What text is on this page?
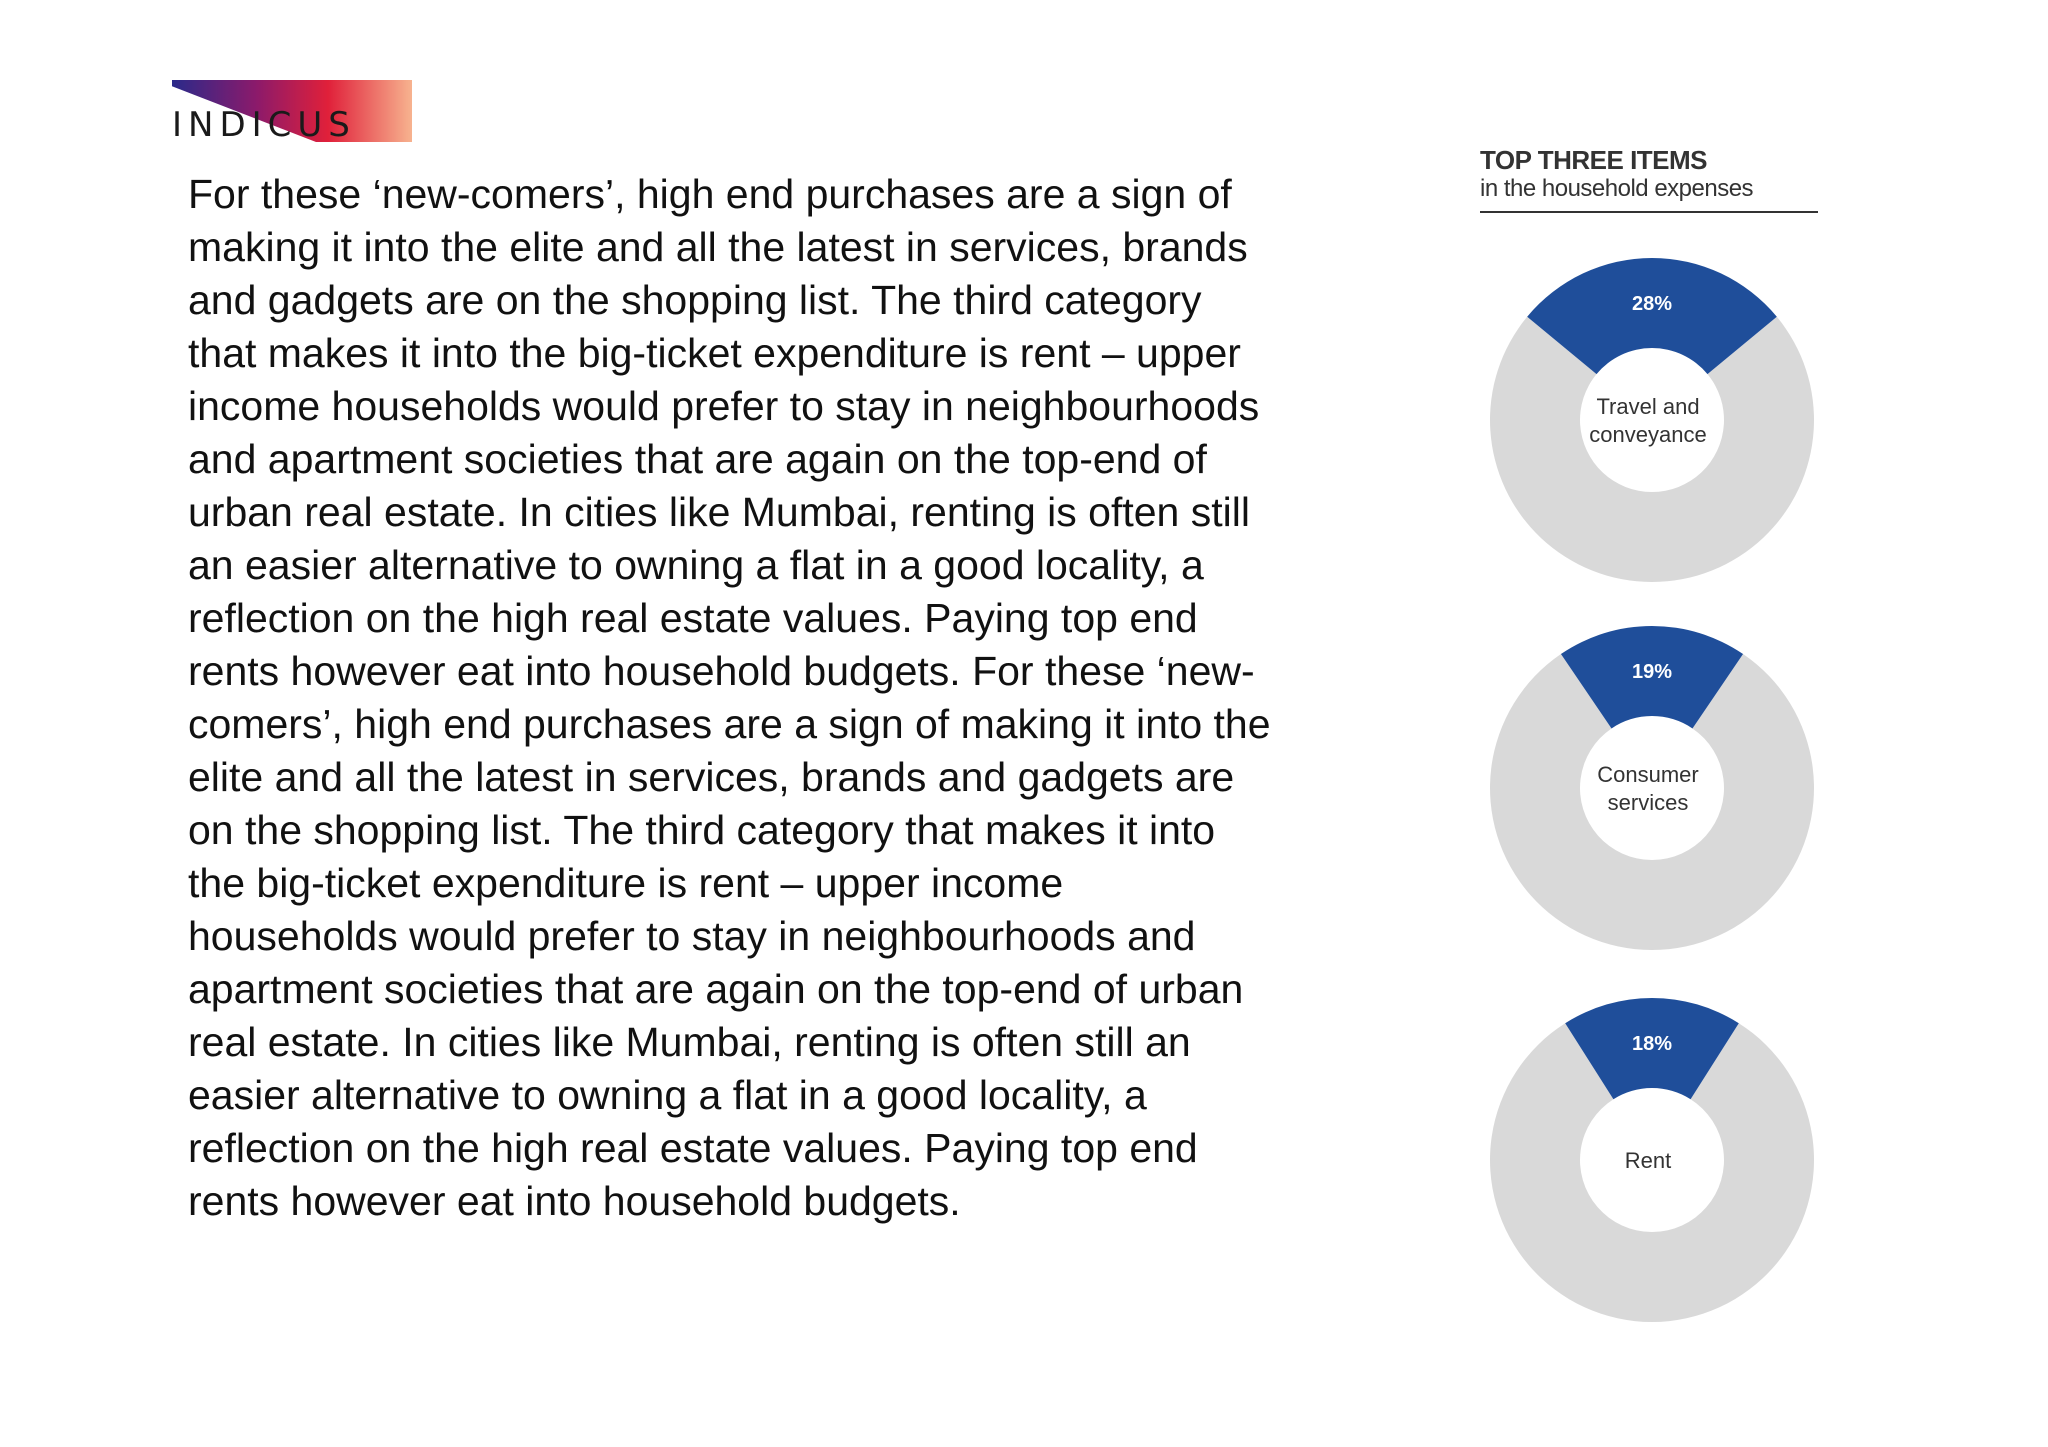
INDICUS

For these ‘new-comers’, high end purchases are a sign of
making it into the elite and all the latest in services, brands
and gadgets are on the shopping list. The third category
that makes it into the big-ticket expenditure is rent – upper
income households would prefer to stay in neighbourhoods
and apartment societies that are again on the top-end of
urban real estate. In cities like Mumbai, renting is often still
an easier alternative to owning a flat in a good locality, a
reflection on the high real estate values. Paying top end
rents however eat into household budgets. For these ‘new-
comers’, high end purchases are a sign of making it into the
elite and all the latest in services, brands and gadgets are
on the shopping list. The third category that makes it into
the big-ticket expenditure is rent – upper income
households would prefer to stay in neighbourhoods and
apartment societies that are again on the top-end of urban
real estate. In cities like Mumbai, renting is often still an
easier alternative to owning a flat in a good locality, a
reflection on the high real estate values. Paying top end
rents however eat into household budgets.

TOP THREE ITEMS
in the household expenses
28%
Travel and
conveyance
19%
Consumer
services
18%
Rent
